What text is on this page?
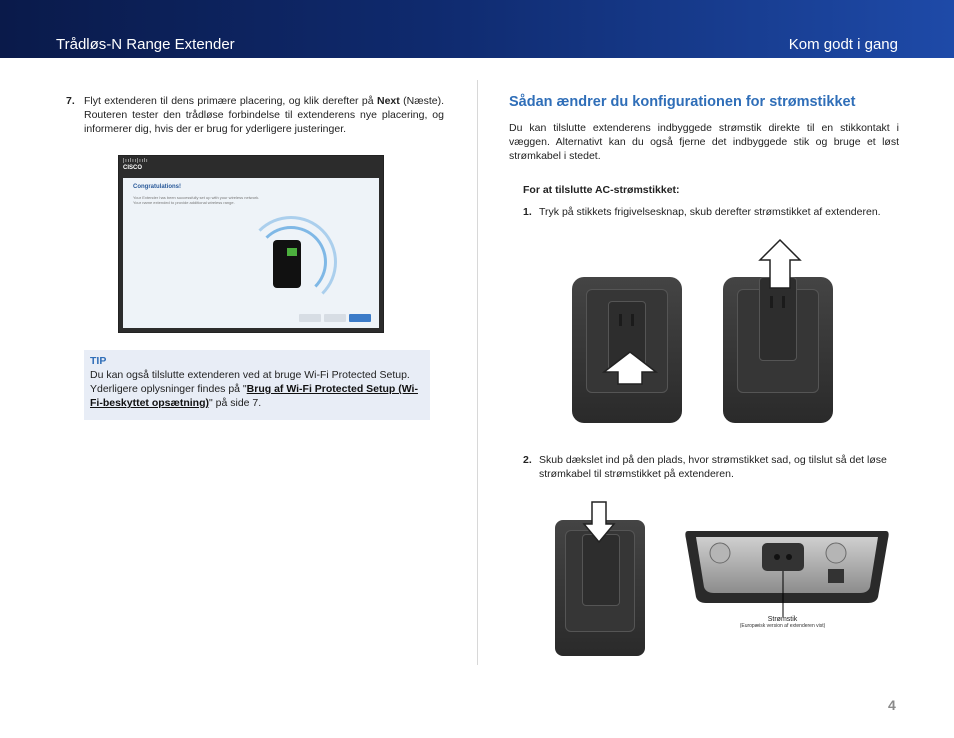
Trådløs-N Range Extender	Kom godt i gang
7. Flyt extenderen til dens primære placering, og klik derefter på Next (Næste). Routeren tester den trådløse forbindelse til extenderens nye placering, og informerer dig, hvis der er brug for yderligere justeringer.
|ıılıı|ıılı
CISCO
Congratulations!
Your Extender has been successfully set up with your wireless network. Your name extended to provide additional wireless range.
TIP
Du kan også tilslutte extenderen ved at bruge Wi-Fi Protected Setup. Yderligere oplysninger findes på "Brug af Wi-Fi Protected Setup (Wi-Fi-beskyttet opsætning)" på side 7.
Sådan ændrer du konfigurationen for strømstikket
Du kan tilslutte extenderens indbyggede strømstik direkte til en stikkontakt i væggen. Alternativt kan du også fjerne det indbyggede stik og bruge et løst strømkabel i stedet.
For at tilslutte AC-strømstikket:
1. Tryk på stikkets frigivelsesknap, skub derefter strømstikket af extenderen.
2. Skub dækslet ind på den plads, hvor strømstikket sad, og tilslut så det løse strømkabel til strømstikket på extenderen.
Strømstik
(Europæisk version af extenderen vist)
4
